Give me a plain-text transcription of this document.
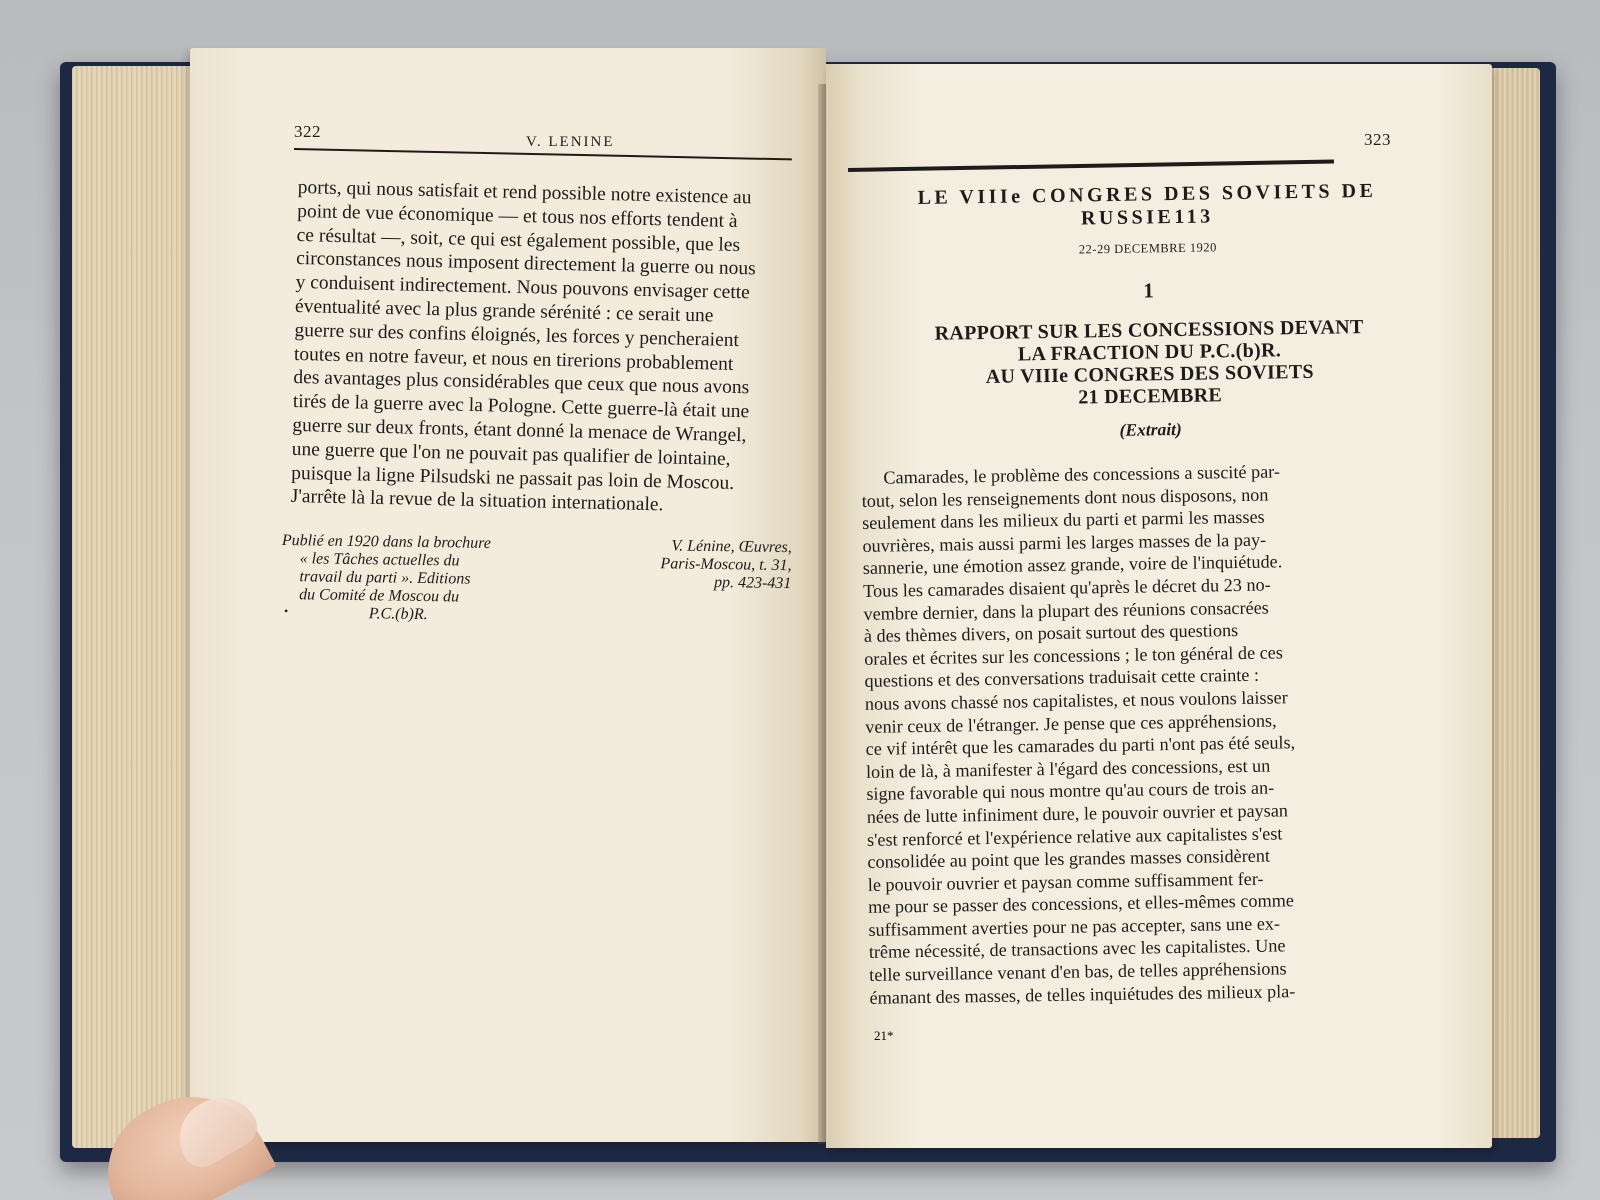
322
V. LENINE

ports, qui nous satisfait et rend possible notre existence au

point de vue économique — et tous nos efforts tendent à

ce résultat —, soit, ce qui est également possible, que les

circonstances nous imposent directement la guerre ou nous

y conduisent indirectement. Nous pouvons envisager cette

éventualité avec la plus grande sérénité : ce serait une

guerre sur des confins éloignés, les forces y pencheraient

toutes en notre faveur, et nous en tirerions probablement

des avantages plus considérables que ceux que nous avons

tirés de la guerre avec la Pologne. Cette guerre-là était une

guerre sur deux fronts, étant donné la menace de Wrangel,

une guerre que l'on ne pouvait pas qualifier de lointaine,

puisque la ligne Pilsudski ne passait pas loin de Moscou.

J'arrête là la revue de la situation internationale.

Publié en 1920 dans la brochure
« les Tâches actuelles du
travail du parti ». Editions
du Comité de Moscou du
P.C.(b)R.
V. Lénine, Œuvres,
Paris-Moscou, t. 31,
pp. 423-431
•
323
LE VIIIe CONGRES DES SOVIETS DE
RUSSIE113
22-29 DECEMBRE 1920
1
RAPPORT SUR LES CONCESSIONS DEVANT
LA FRACTION DU P.C.(b)R.
AU VIIIe CONGRES DES SOVIETS
21 DECEMBRE
(Extrait)
Camarades, le problème des concessions a suscité par-
tout, selon les renseignements dont nous disposons, non
seulement dans les milieux du parti et parmi les masses
ouvrières, mais aussi parmi les larges masses de la pay-
sannerie, une émotion assez grande, voire de l'inquiétude.
Tous les camarades disaient qu'après le décret du 23 no-
vembre dernier, dans la plupart des réunions consacrées
à des thèmes divers, on posait surtout des questions
orales et écrites sur les concessions ; le ton général de ces
questions et des conversations traduisait cette crainte :
nous avons chassé nos capitalistes, et nous voulons laisser
venir ceux de l'étranger. Je pense que ces appréhensions,
ce vif intérêt que les camarades du parti n'ont pas été seuls,
loin de là, à manifester à l'égard des concessions, est un
signe favorable qui nous montre qu'au cours de trois an-
nées de lutte infiniment dure, le pouvoir ouvrier et paysan
s'est renforcé et l'expérience relative aux capitalistes s'est
consolidée au point que les grandes masses considèrent
le pouvoir ouvrier et paysan comme suffisamment fer-
me pour se passer des concessions, et elles-mêmes comme
suffisamment averties pour ne pas accepter, sans une ex-
trême nécessité, de transactions avec les capitalistes. Une
telle surveillance venant d'en bas, de telles appréhensions
émanant des masses, de telles inquiétudes des milieux pla-
21*
